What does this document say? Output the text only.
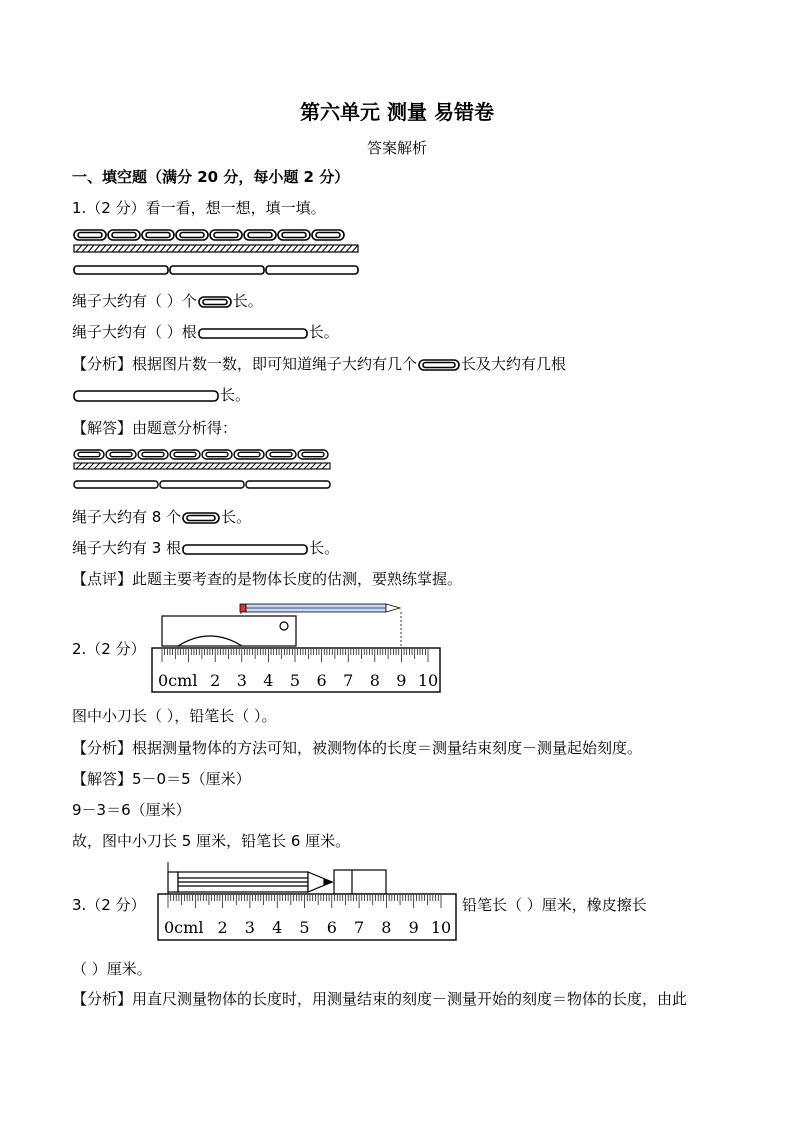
第六单元 测量 易错卷
答案解析
一、填空题（满分 20 分，每小题 2 分）
1.（2 分）看一看，想一想，填一填。
绳子大约有（ ）个 长。
绳子大约有（ ）根	长。
【分析】根据图片数一数，即可知道绳子大约有几个	长及大约有几根
长。
【解答】由题意分析得：
绳子大约有 8 个	长。
绳子大约有 3 根	长。
【点评】此题主要考查的是物体长度的估测，要熟练掌握。
2.（2 分）
0cml 2 3 4 5 6 7 8 9 10
图中小刀长（ ），铅笔长（ ）。
【分析】根据测量物体的方法可知，被测物体的长度＝测量结束刻度－测量起始刻度。
【解答】5－0＝5（厘米）
9－3＝6（厘米）
故，图中小刀长 5 厘米，铅笔长 6 厘米。
3.（2 分）
0cml 2 3 4 5 6 7 8 9 10
铅笔长（ ）厘米，橡皮擦长
（ ）厘米。
【分析】用直尺测量物体的长度时，用测量结束的刻度－测量开始的刻度＝物体的长度，由此
